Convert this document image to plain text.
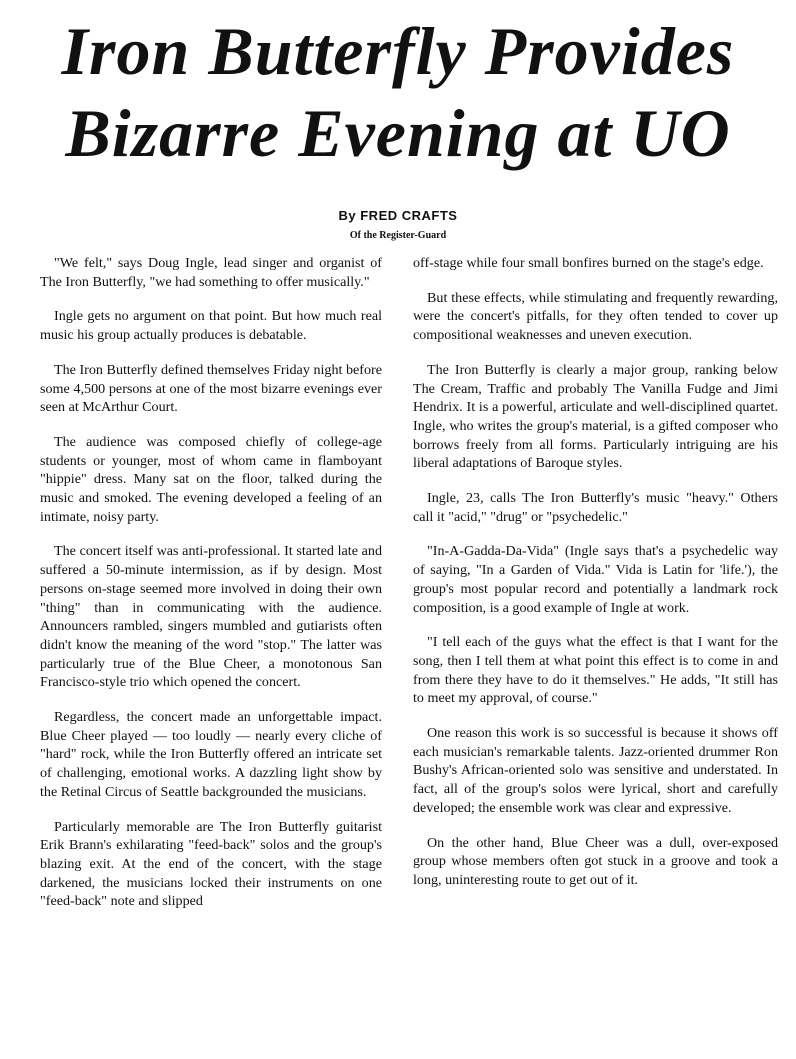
Iron Butterfly Provides
Bizarre Evening at UO
By FRED CRAFTS
Of the Register-Guard

"We felt," says Doug Ingle, lead singer and organist of The Iron Butterfly, "we had something to offer musically."

Ingle gets no argument on that point. But how much real music his group actually produces is debatable.

The Iron Butterfly defined themselves Friday night before some 4,500 persons at one of the most bizarre evenings ever seen at McArthur Court.

The audience was composed chiefly of college-age students or younger, most of whom came in flamboyant "hippie" dress. Many sat on the floor, talked during the music and smoked. The evening developed a feeling of an intimate, noisy party.

The concert itself was anti-professional. It started late and suffered a 50-minute intermission, as if by design. Most persons on-stage seemed more involved in doing their own "thing" than in communicating with the audience. Announcers rambled, singers mumbled and gutiarists often didn't know the meaning of the word "stop." The latter was particularly true of the Blue Cheer, a monotonous San Francisco-style trio which opened the concert.

Regardless, the concert made an unforgettable impact. Blue Cheer played — too loudly — nearly every cliche of "hard" rock, while the Iron Butterfly offered an intricate set of challenging, emotional works. A dazzling light show by the Retinal Circus of Seattle backgrounded the musicians.

Particularly memorable are The Iron Butterfly guitarist Erik Brann's exhilarating "feed-back" solos and the group's blazing exit. At the end of the concert, with the stage darkened, the musicians locked their instruments on one "feed-back" note and slipped

off-stage while four small bonfires burned on the stage's edge.

But these effects, while stimulating and frequently rewarding, were the concert's pitfalls, for they often tended to cover up compositional weaknesses and uneven execution.

The Iron Butterfly is clearly a major group, ranking below The Cream, Traffic and probably The Vanilla Fudge and Jimi Hendrix. It is a powerful, articulate and well-disciplined quartet. Ingle, who writes the group's material, is a gifted composer who borrows freely from all forms. Particularly intriguing are his liberal adaptations of Baroque styles.

Ingle, 23, calls The Iron Butterfly's music "heavy." Others call it "acid," "drug" or "psychedelic."

"In-A-Gadda-Da-Vida" (Ingle says that's a psychedelic way of saying, "In a Garden of Vida." Vida is Latin for 'life.'), the group's most popular record and potentially a landmark rock composition, is a good example of Ingle at work.

"I tell each of the guys what the effect is that I want for the song, then I tell them at what point this effect is to come in and from there they have to do it themselves." He adds, "It still has to meet my approval, of course."

One reason this work is so successful is because it shows off each musician's remarkable talents. Jazz-oriented drummer Ron Bushy's African-oriented solo was sensitive and understated. In fact, all of the group's solos were lyrical, short and carefully developed; the ensemble work was clear and expressive.

On the other hand, Blue Cheer was a dull, over-exposed group whose members often got stuck in a groove and took a long, uninteresting route to get out of it.
